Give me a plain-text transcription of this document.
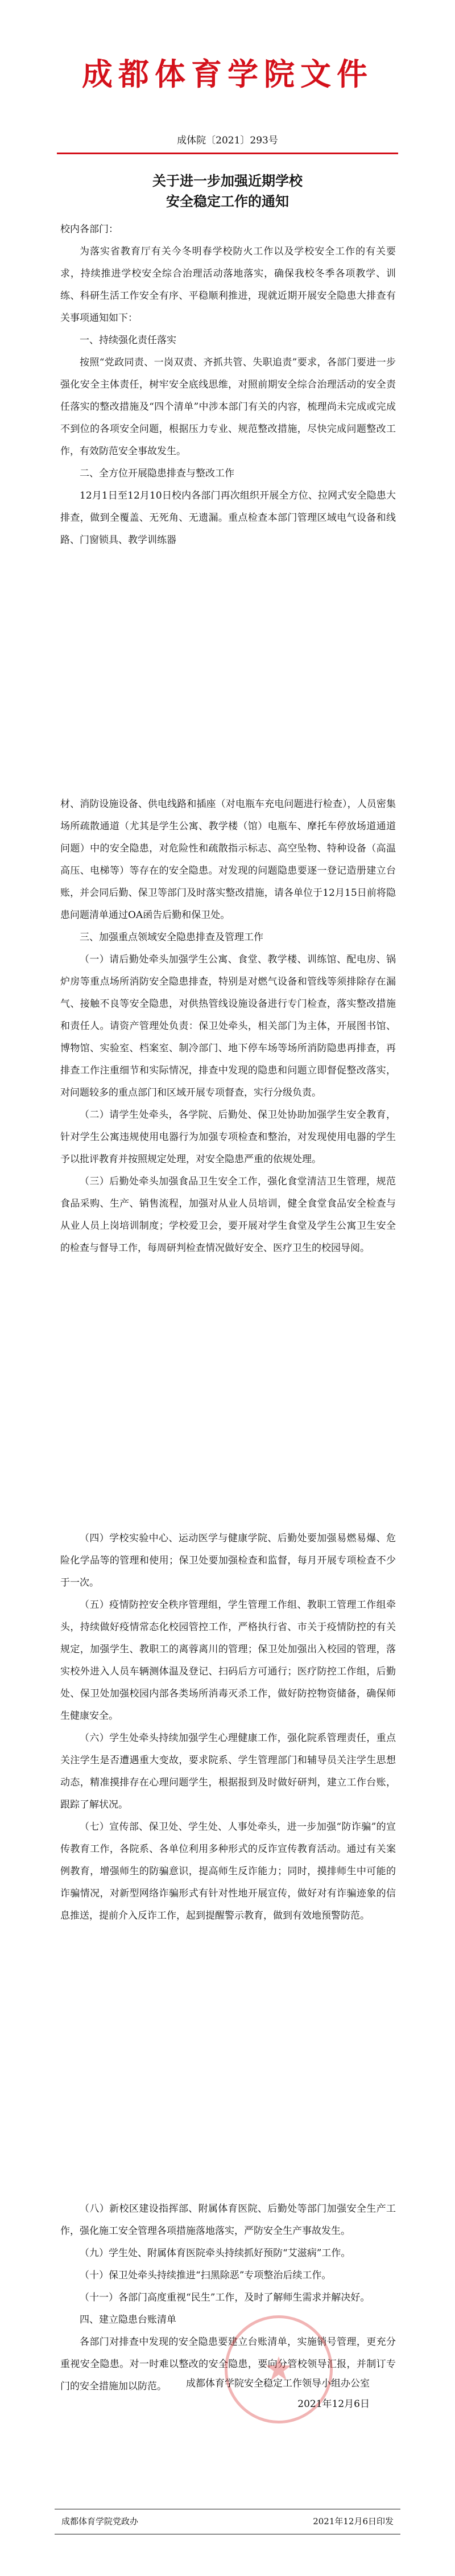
成都体育学院文件
成体院〔2021〕293号
关于进一步加强近期学校
安全稳定工作的通知

校内各部门：

为落实省教育厅有关今冬明春学校防火工作以及学校安全工作的有关要求，持续推进学校安全综合治理活动落地落实，确保我校冬季各项教学、训练、科研生活工作安全有序、平稳顺利推进，现就近期开展安全隐患大排查有关事项通知如下：

一、持续强化责任落实

按照“党政同责、一岗双责、齐抓共管、失职追责”要求，各部门要进一步强化安全主体责任，树牢安全底线思维，对照前期安全综合治理活动的安全责任落实的整改措施及“四个清单”中涉本部门有关的内容，梳理尚未完成或完成不到位的各项安全问题，根据压力专业、规范整改措施，尽快完成问题整改工作，有效防范安全事故发生。

二、全方位开展隐患排查与整改工作

12月1日至12月10日校内各部门再次组织开展全方位、拉网式安全隐患大排查，做到全覆盖、无死角、无遗漏。重点检查本部门管理区域电气设备和线路、门窗锁具、教学训练器

材、消防设施设备、供电线路和插座（对电瓶车充电问题进行检查），人员密集场所疏散通道（尤其是学生公寓、教学楼（馆）电瓶车、摩托车停放场道通道问题）中的安全隐患，对危险性和疏散指示标志、高空坠物、特种设备（高温高压、电梯等）等存在的安全隐患。对发现的问题隐患要逐一登记造册建立台账，并会同后勤、保卫等部门及时落实整改措施，请各单位于12月15日前将隐患问题清单通过OA函告后勤和保卫处。

三、加强重点领域安全隐患排查及管理工作

（一）请后勤处牵头加强学生公寓、食堂、教学楼、训练馆、配电房、锅炉房等重点场所消防安全隐患排查，特别是对燃气设备和管线等须排除存在漏气、接触不良等安全隐患，对供热管线设施设备进行专门检查，落实整改措施和责任人。请资产管理处负责：保卫处牵头，相关部门为主体，开展图书馆、博物馆、实验室、档案室、制冷部门、地下停车场等场所消防隐患再排查，再排查工作注重细节和实际情况，排查中发现的隐患和问题立即督促整改落实，对问题较多的重点部门和区域开展专项督查，实行分级负责。

（二）请学生处牵头，各学院、后勤处、保卫处协助加强学生安全教育，针对学生公寓违规使用电器行为加强专项检查和整治，对发现使用电器的学生予以批评教育并按照规定处理，对安全隐患严重的依规处理。

（三）后勤处牵头加强食品卫生安全工作，强化食堂清洁卫生管理，规范食品采购、生产、销售流程，加强对从业人员培训，健全食堂食品安全检查与从业人员上岗培训制度；学校爱卫会，要开展对学生食堂及学生公寓卫生安全的检查与督导工作，每周研判检查情况做好安全、医疗卫生的校园导阅。

（四）学校实验中心、运动医学与健康学院、后勤处要加强易燃易爆、危险化学品等的管理和使用；保卫处要加强检查和监督，每月开展专项检查不少于一次。

（五）疫情防控安全秩序管理组，学生管理工作组、教职工管理工作组牵头，持续做好疫情常态化校园管控工作，严格执行省、市关于疫情防控的有关规定，加强学生、教职工的离蓉离川的管理；保卫处加强出入校园的管理，落实校外进入人员车辆测体温及登记、扫码后方可通行；医疗防控工作组，后勤处、保卫处加强校园内部各类场所消毒灭杀工作，做好防控物资储备，确保师生健康安全。

（六）学生处牵头持续加强学生心理健康工作，强化院系管理责任，重点关注学生是否遭遇重大变故，要求院系、学生管理部门和辅导员关注学生思想动态，精准摸排存在心理问题学生，根据报到及时做好研判，建立工作台账，跟踪了解状况。

（七）宣传部、保卫处、学生处、人事处牵头，进一步加强“防诈骗”的宣传教育工作，各院系、各单位利用多种形式的反诈宣传教育活动。通过有关案例教育，增强师生的防骗意识，提高师生反诈能力；同时，摸排师生中可能的诈骗情况，对新型网络诈骗形式有针对性地开展宣传，做好对有诈骗迹象的信息推送，提前介入反诈工作，起到提醒警示教育，做到有效地预警防范。

（八）新校区建设指挥部、附属体育医院、后勤处等部门加强安全生产工作，强化施工安全管理各项措施落地落实，严防安全生产事故发生。

（九）学生处、附属体育医院牵头持续抓好预防“艾滋病”工作。

（十）保卫处牵头持续推进“扫黑除恶”专项整治后续工作。

（十一）各部门高度重视“民生”工作，及时了解师生需求并解决好。

四、建立隐患台账清单

各部门对排查中发现的安全隐患要建立台账清单，实施销号管理，更充分重视安全隐患。对一时难以整改的安全隐患，要向分管校领导汇报，并制订专门的安全措施加以防范。	★
成都体育学院安全稳定工作领导小组办公室
2021年12月6日
成都体育学院党政办	2021年12月6日印发
